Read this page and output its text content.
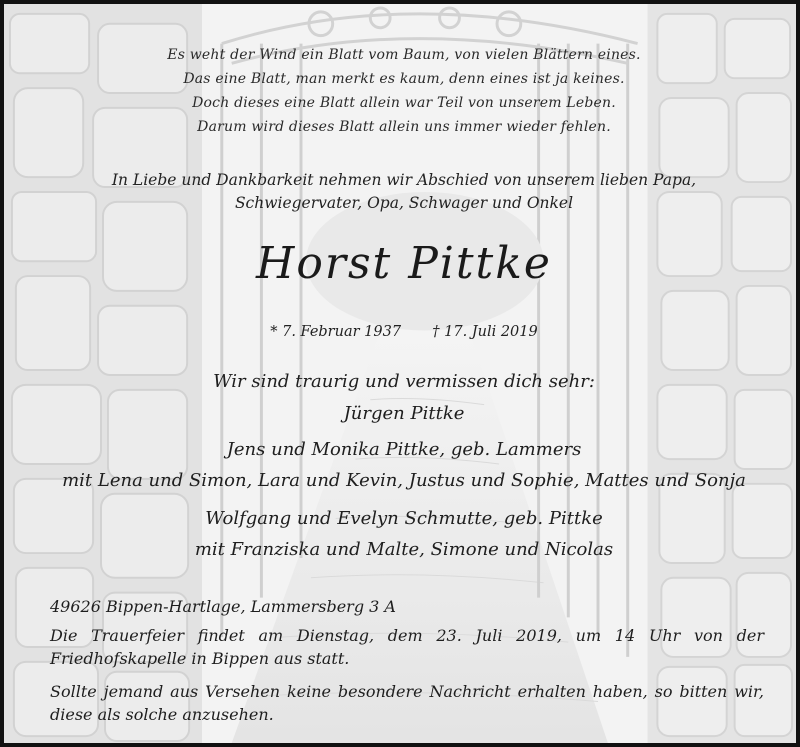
Es weht der Wind ein Blatt vom Baum, von vielen Blättern eines.
Das eine Blatt, man merkt es kaum, denn eines ist ja keines.
Doch dieses eine Blatt allein war Teil von unserem Leben.
Darum wird dieses Blatt allein uns immer wieder fehlen.
In Liebe und Dankbarkeit nehmen wir Abschied von unserem lieben Papa,
Schwiegervater, Opa, Schwager und Onkel
Horst Pittke
* 7. Februar 1937 † 17. Juli 2019
Wir sind traurig und vermissen dich sehr:
Jürgen Pittke
Jens und Monika Pittke, geb. Lammers
mit Lena und Simon, Lara und Kevin, Justus und Sophie, Mattes und Sonja
Wolfgang und Evelyn Schmutte, geb. Pittke
mit Franziska und Malte, Simone und Nicolas
49626 Bippen-Hartlage, Lammersberg 3 A
Die Trauerfeier findet am Dienstag, dem 23. Juli 2019, um 14 Uhr von der Friedhofskapelle in Bippen aus statt.
Sollte jemand aus Versehen keine besondere Nachricht erhalten haben, so bitten wir, diese als solche anzusehen.
